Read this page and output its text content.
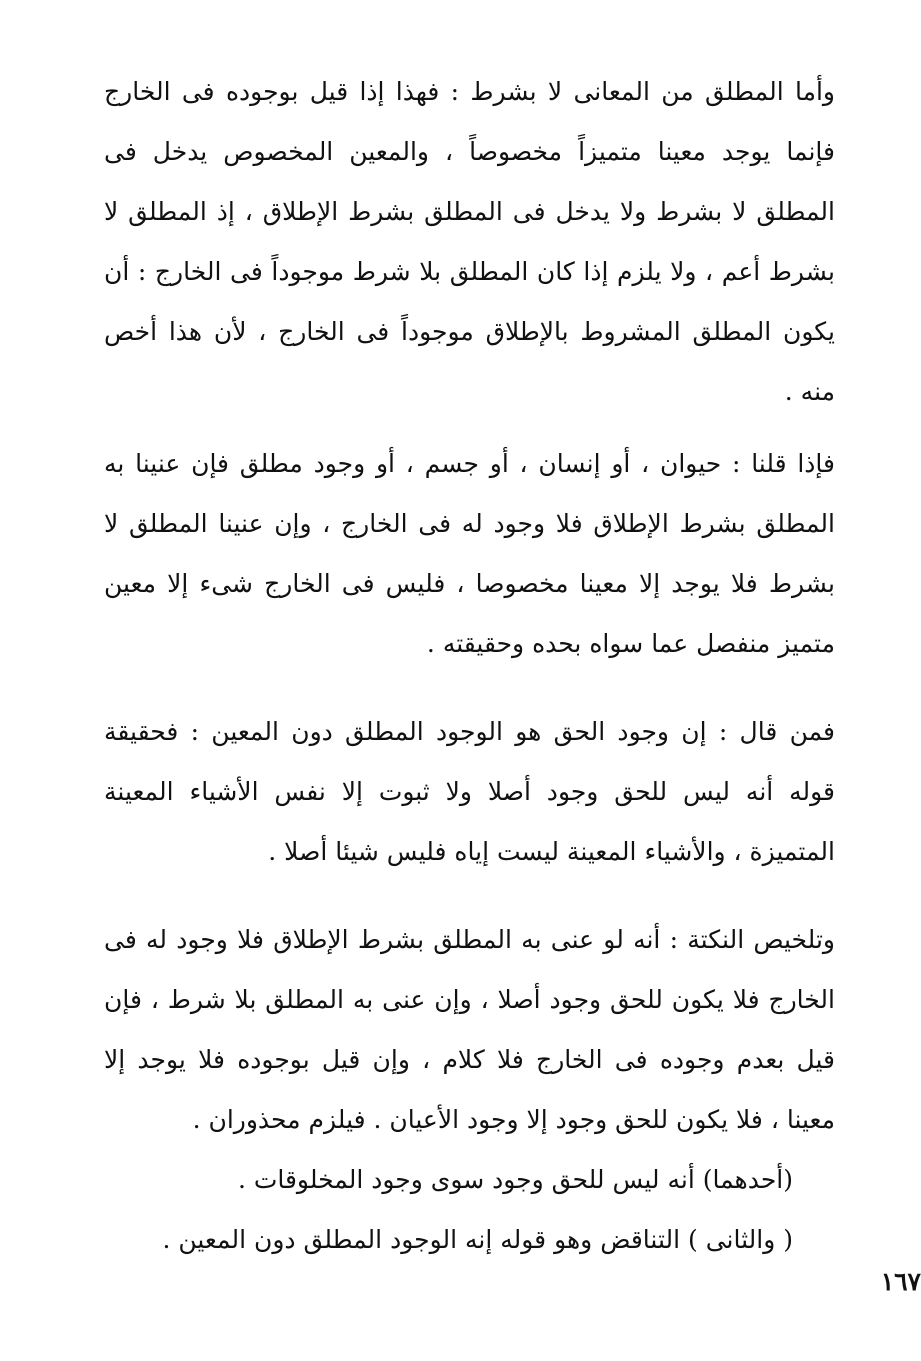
وأما المطلق من المعانى لا بشرط : فهذا إذا قيل بوجوده فى الخارج فإنما يوجد معينا متميزاً مخصوصاً ، والمعين المخصوص يدخل فى المطلق لا بشرط ولا يدخل فى المطلق بشرط الإطلاق ، إذ المطلق لا بشرط أعم ، ولا يلزم إذا كان المطلق بلا شرط موجوداً فى الخارج : أن يكون المطلق المشروط بالإطلاق موجوداً فى الخارج ، لأن هذا أخص منه .

فإذا قلنا : حيوان ، أو إنسان ، أو جسم ، أو وجود مطلق فإن عنينا به المطلق بشرط الإطلاق فلا وجود له فى الخارج ، وإن عنينا المطلق لا بشرط فلا يوجد إلا معينا مخصوصا ، فليس فى الخارج شىء إلا معين متميز منفصل عما سواه بحده وحقيقته .

فمن قال : إن وجود الحق هو الوجود المطلق دون المعين : فحقيقة قوله أنه ليس للحق وجود أصلا ولا ثبوت إلا نفس الأشياء المعينة المتميزة ، والأشياء المعينة ليست إياه فليس شيئا أصلا .

وتلخيص النكتة : أنه لو عنى به المطلق بشرط الإطلاق فلا وجود له فى الخارج فلا يكون للحق وجود أصلا ، وإن عنى به المطلق بلا شرط ، فإن قيل بعدم وجوده فى الخارج فلا كلام ، وإن قيل بوجوده فلا يوجد إلا معينا ، فلا يكون للحق وجود إلا وجود الأعيان . فيلزم محذوران .

(أحدهما) أنه ليس للحق وجود سوى وجود المخلوقات .

( والثانى ) التناقض وهو قوله إنه الوجود المطلق دون المعين .

١٦٧
